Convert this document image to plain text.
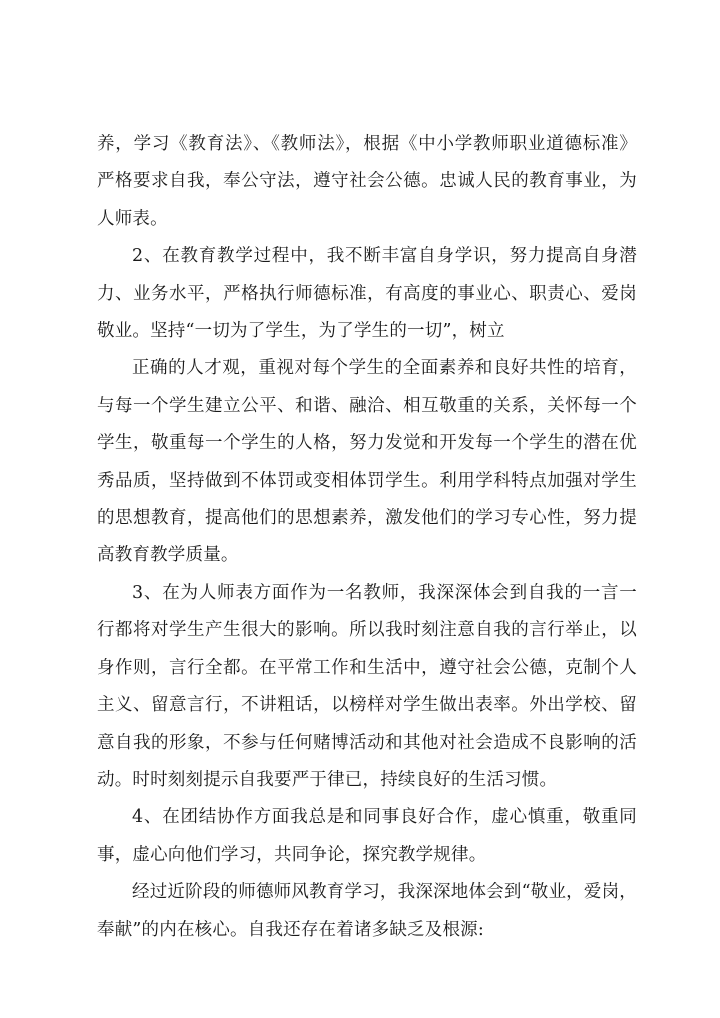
养，学习《教育法》、《教师法》，根据《中小学教师职业道德标准》严格要求自我，奉公守法，遵守社会公德。忠诚人民的教育事业，为人师表。

2、在教育教学过程中，我不断丰富自身学识，努力提高自身潜力、业务水平，严格执行师德标准，有高度的事业心、职责心、爱岗敬业。坚持“一切为了学生，为了学生的一切”，树立

正确的人才观，重视对每个学生的全面素养和良好共性的培育，与每一个学生建立公平、和谐、融洽、相互敬重的关系，关怀每一个学生，敬重每一个学生的人格，努力发觉和开发每一个学生的潜在优秀品质，坚持做到不体罚或变相体罚学生。利用学科特点加强对学生的思想教育，提高他们的思想素养，激发他们的学习专心性，努力提高教育教学质量。

3、在为人师表方面作为一名教师，我深深体会到自我的一言一行都将对学生产生很大的影响。所以我时刻注意自我的言行举止，以身作则，言行全都。在平常工作和生活中，遵守社会公德，克制个人主义、留意言行，不讲粗话，以榜样对学生做出表率。外出学校、留意自我的形象，不参与任何赌博活动和其他对社会造成不良影响的活动。时时刻刻提示自我要严于律已，持续良好的生活习惯。

4、在团结协作方面我总是和同事良好合作，虚心慎重，敬重同事，虚心向他们学习，共同争论，探究教学规律。

经过近阶段的师德师风教育学习，我深深地体会到“敬业，爱岗，奉献”的内在核心。自我还存在着诸多缺乏及根源:
